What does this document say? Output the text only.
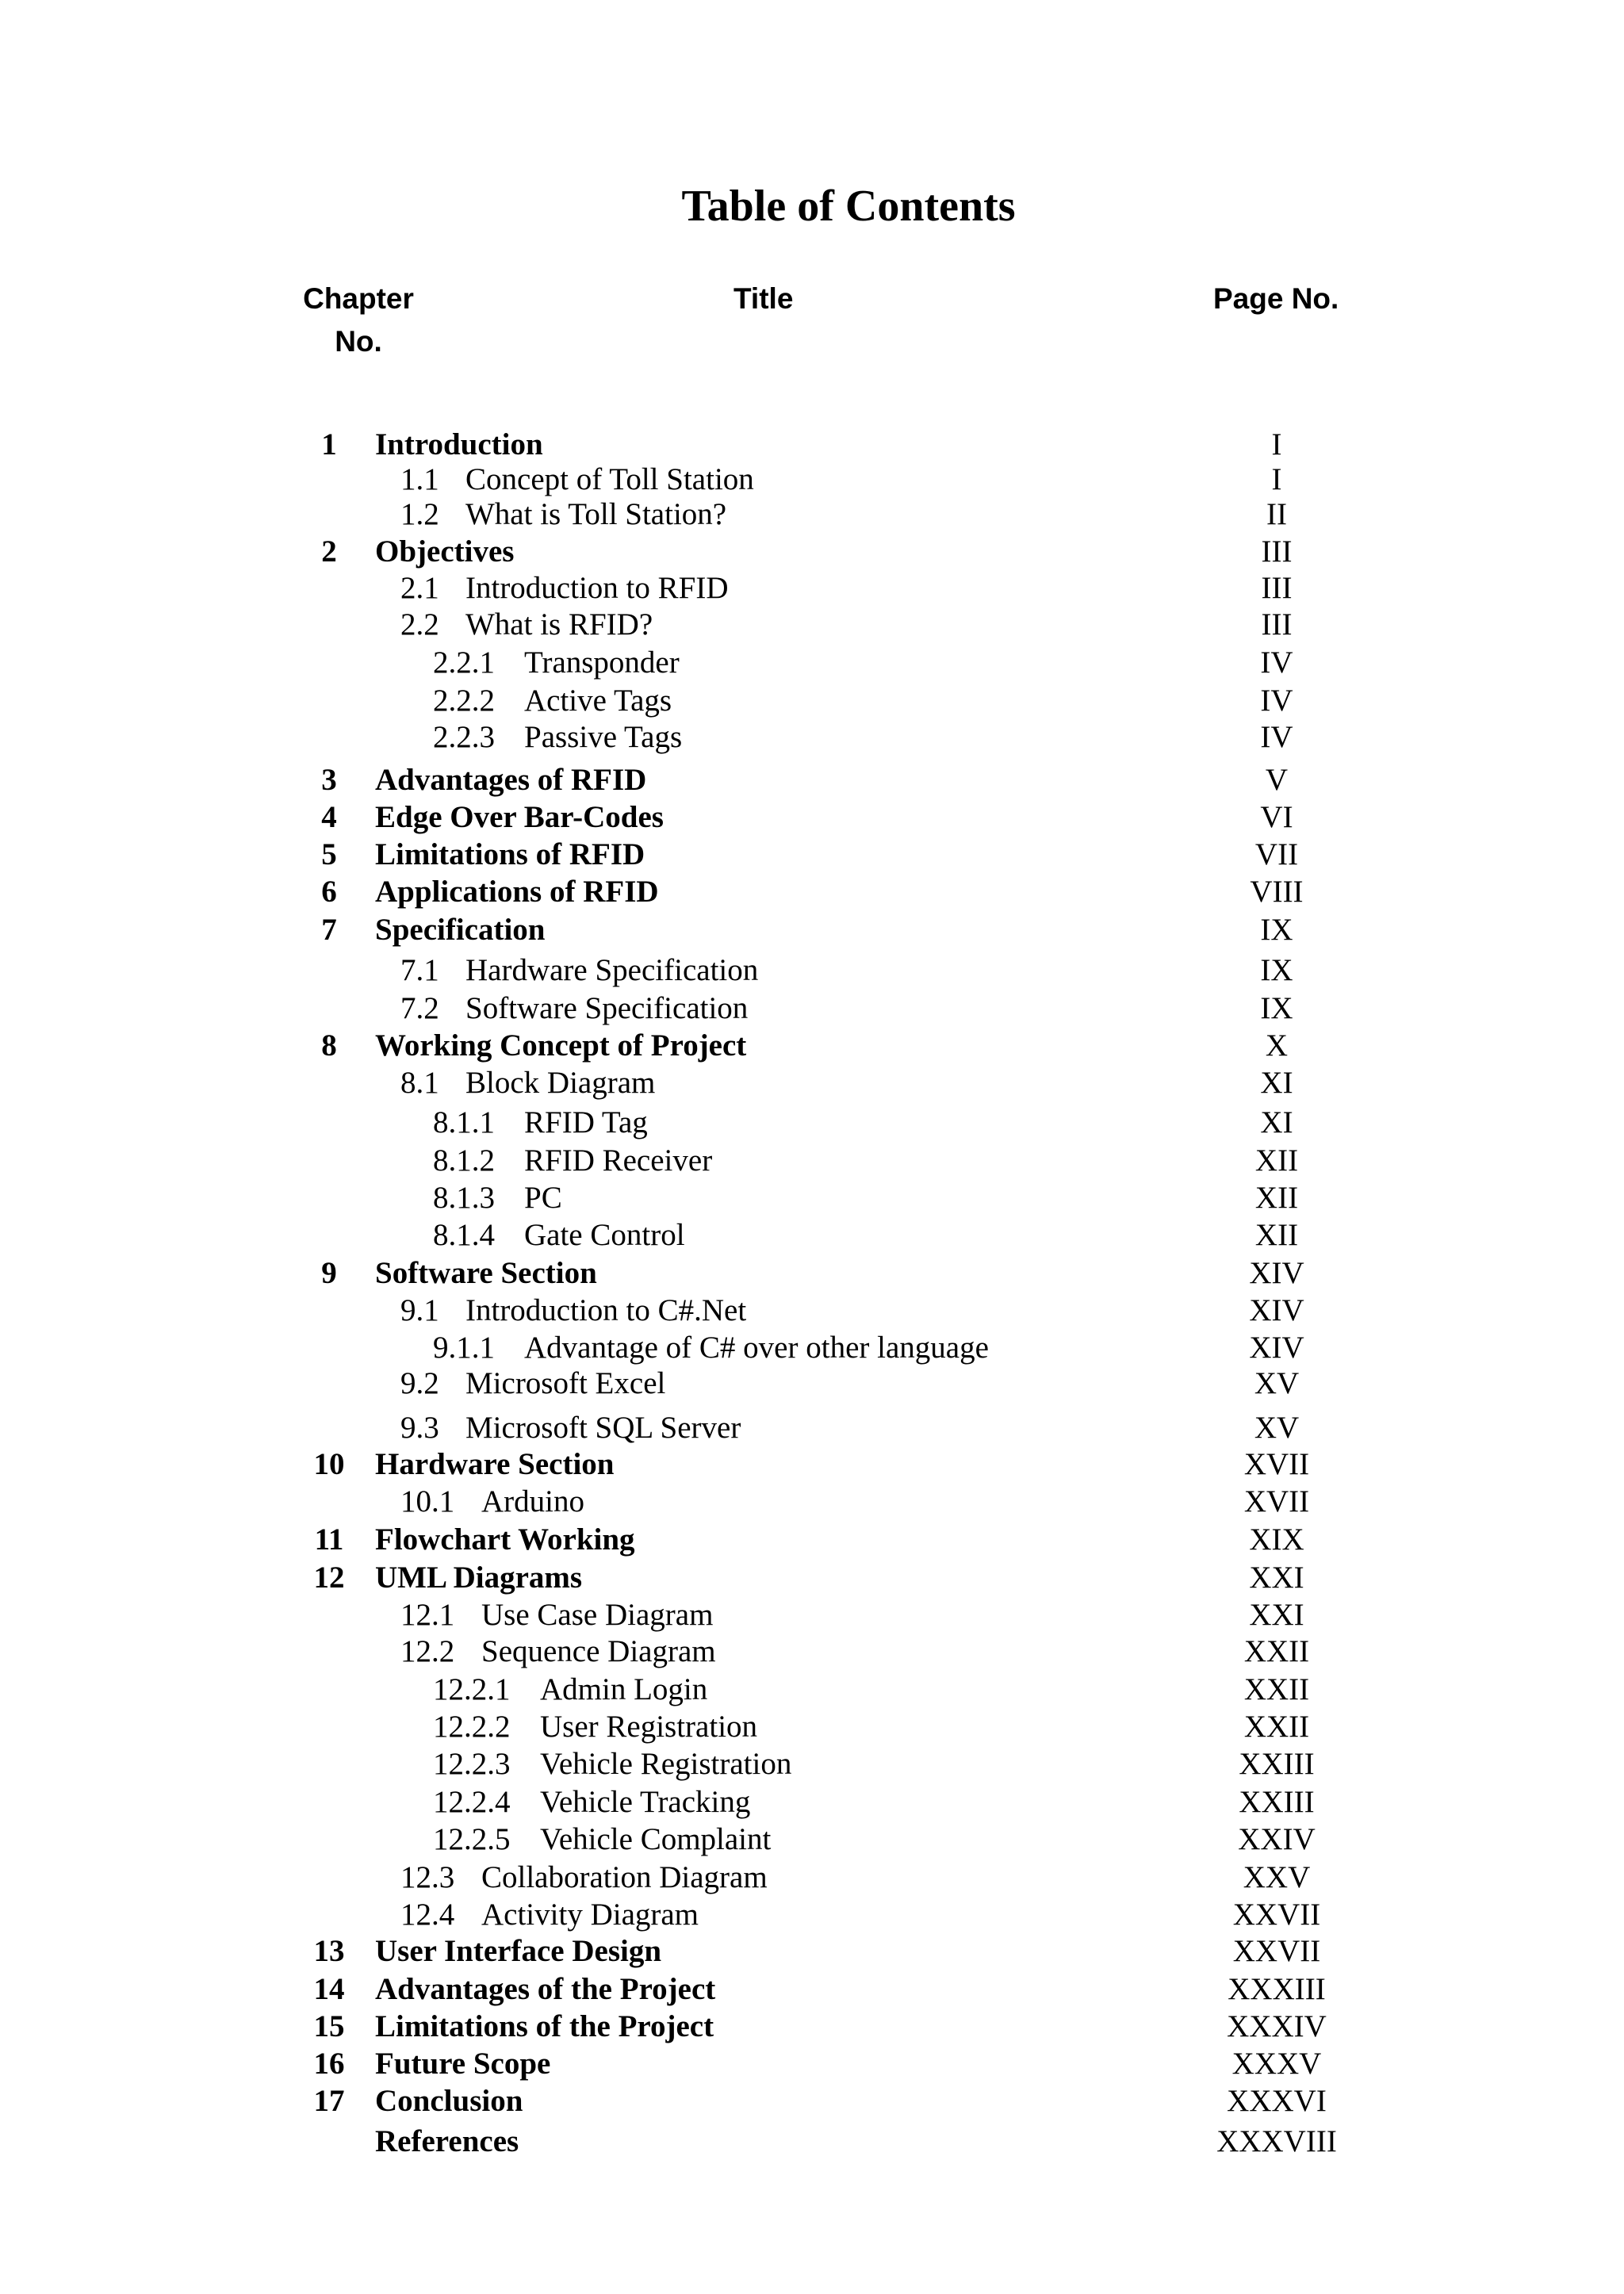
Table of Contents
Chapter
No.
Title	Page No.
1	Introduction	I
1.1 Concept of Toll Station	I
1.2 What is Toll Station?	II
2	Objectives	III
2.1 Introduction to RFID	III
2.2 What is RFID?	III
2.2.1 Transponder	IV
2.2.2 Active Tags	IV
2.2.3 Passive Tags	IV
3	Advantages of RFID	V
4	Edge Over Bar-Codes	VI
5	Limitations of RFID	VII
6	Applications of RFID	VIII
7	Specification	IX
7.1 Hardware Specification	IX
7.2 Software Specification	IX
8	Working Concept of Project	X
8.1 Block Diagram	XI
8.1.1 RFID Tag	XI
8.1.2 RFID Receiver	XII
8.1.3 PC	XII
8.1.4 Gate Control	XII
9	Software Section	XIV
9.1 Introduction to C#.Net	XIV
9.1.1 Advantage of C# over other language	XIV
9.2 Microsoft Excel	XV
9.3 Microsoft SQL Server	XV
10 Hardware Section	XVII
10.1 Arduino	XVII
11 Flowchart Working	XIX
12 UML Diagrams	XXI
12.1 Use Case Diagram	XXI
12.2 Sequence Diagram	XXII
12.2.1 Admin Login	XXII
12.2.2 User Registration	XXII
12.2.3 Vehicle Registration	XXIII
12.2.4 Vehicle Tracking	XXIII
12.2.5 Vehicle Complaint	XXIV
12.3 Collaboration Diagram	XXV
12.4 Activity Diagram	XXVII
13 User Interface Design	XXVII
14 Advantages of the Project	XXXIII
15 Limitations of the Project	XXXIV
16 Future Scope	XXXV
17 Conclusion	XXXVI
References	XXXVIII
